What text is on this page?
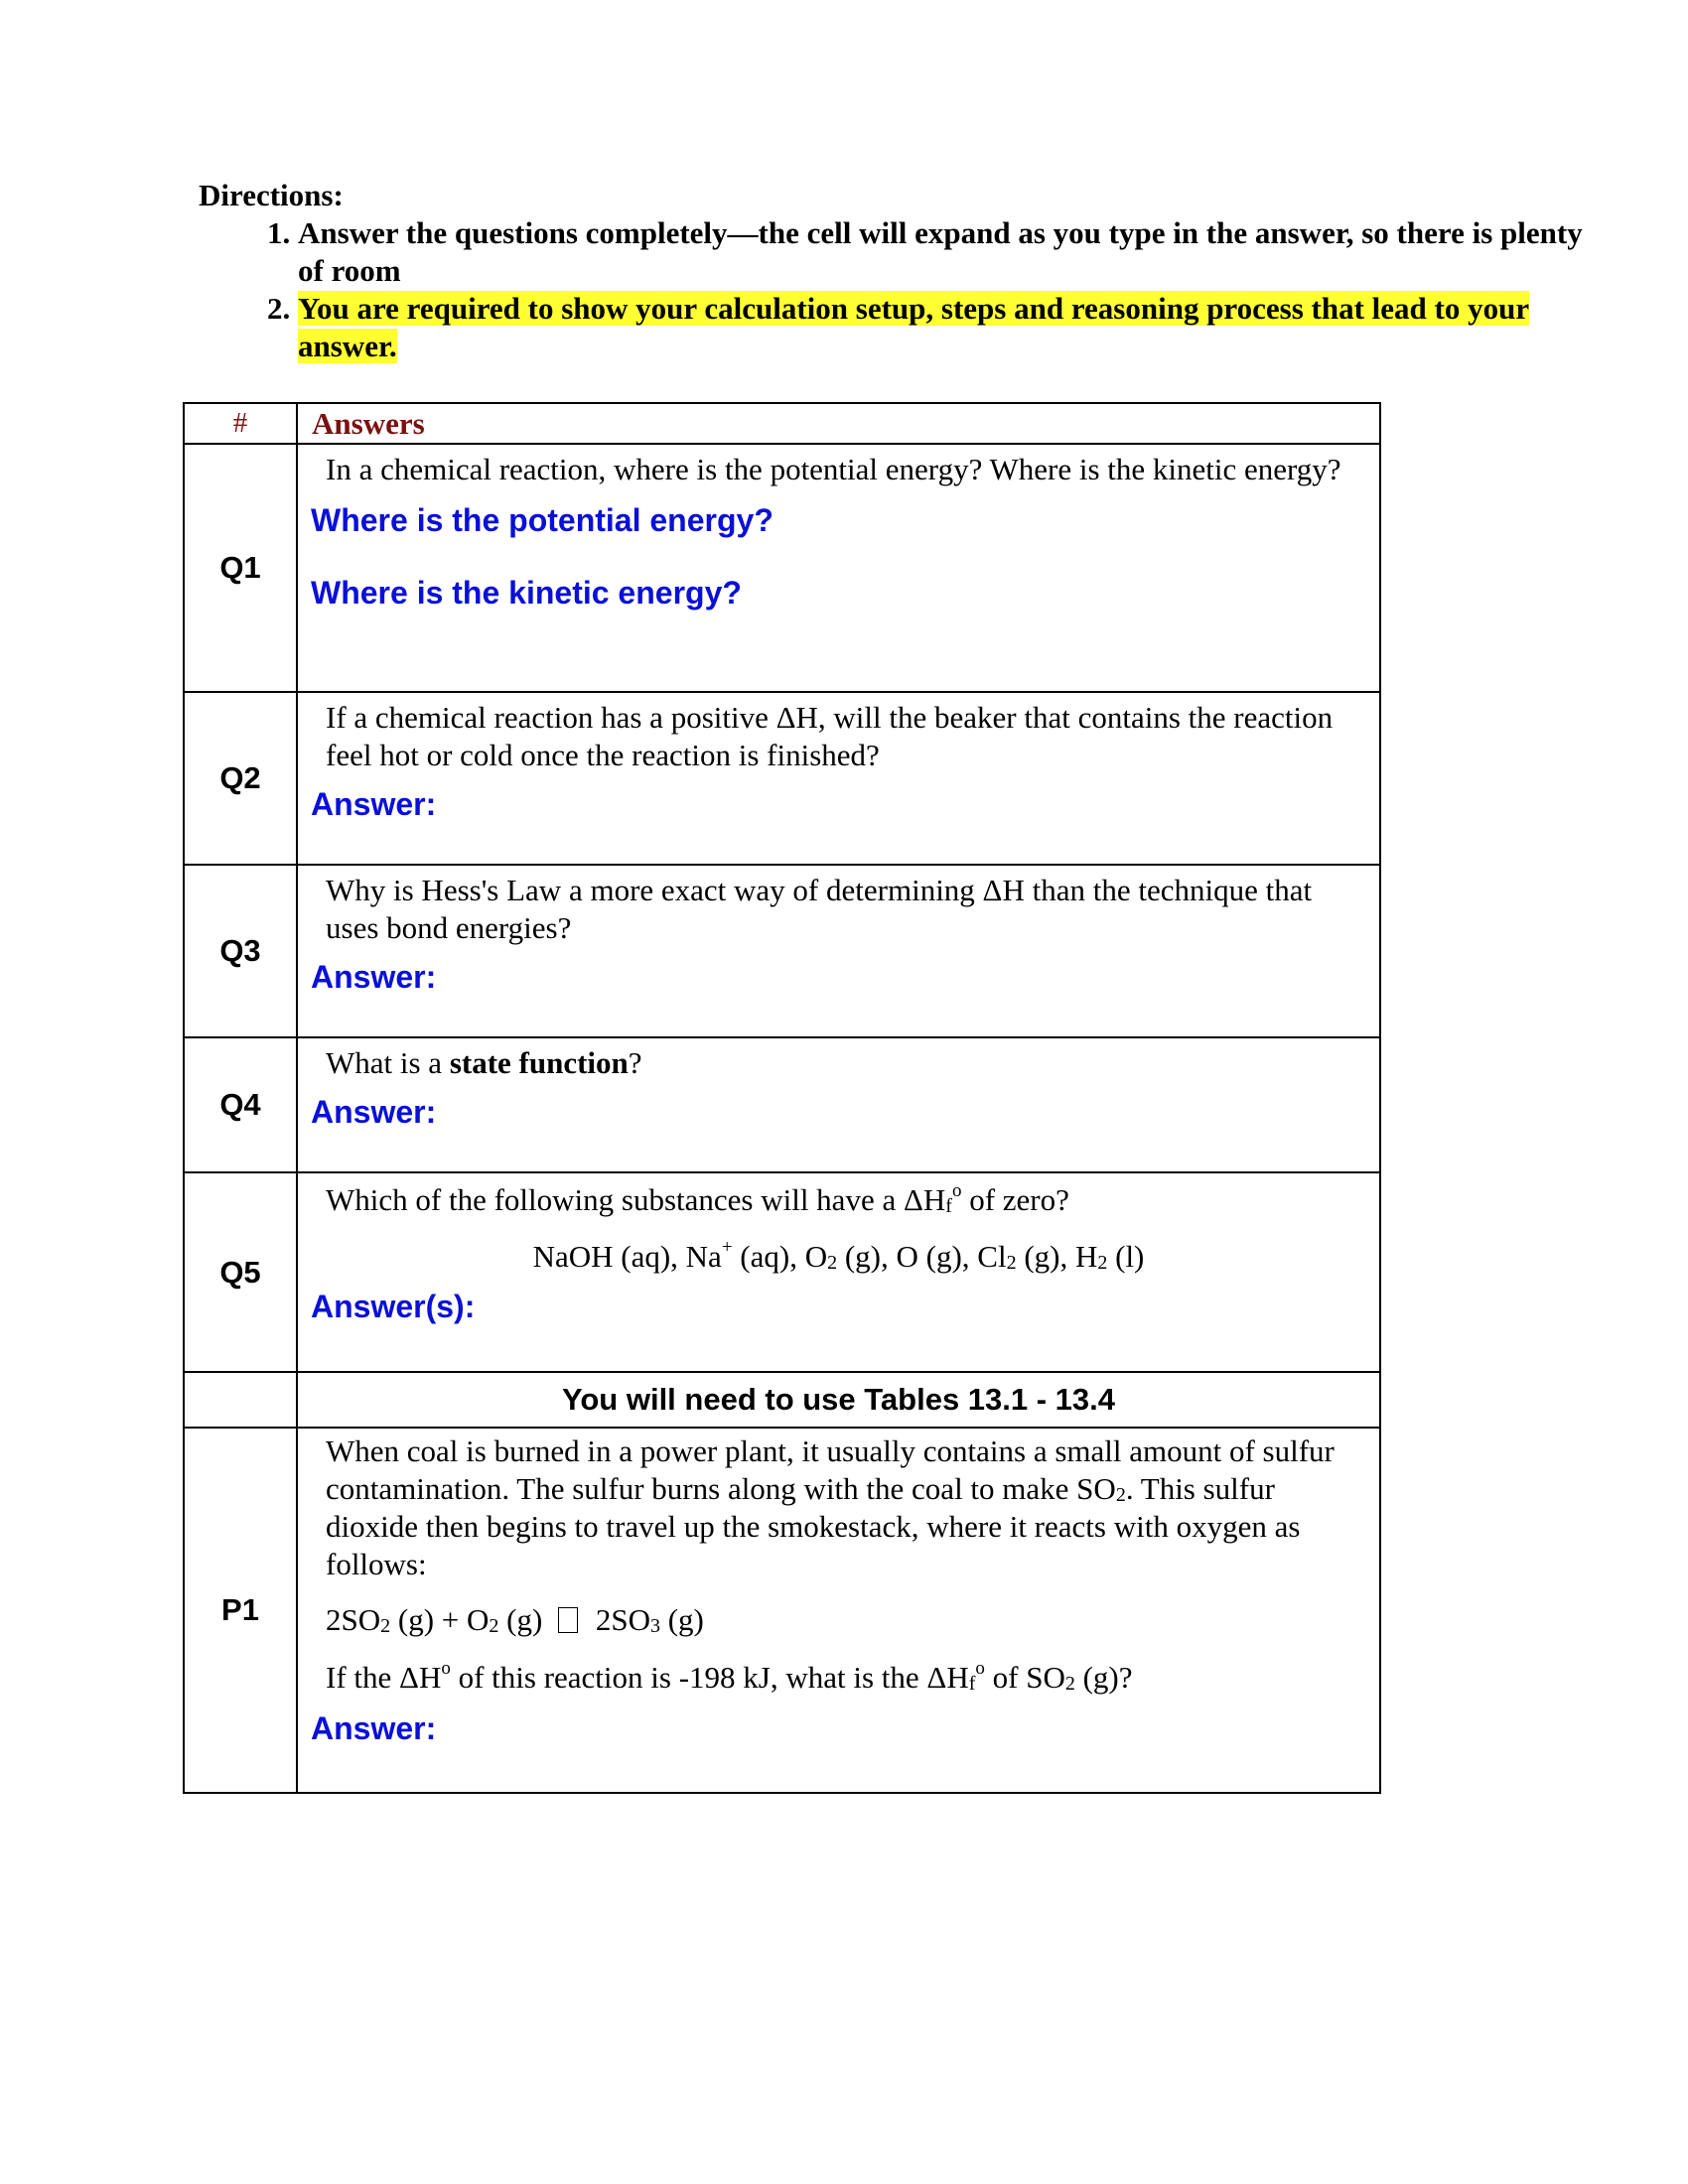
Directions:
1. Answer the questions completely—the cell will expand as you type in the answer, so there is plenty of room
2. You are required to show your calculation setup, steps and reasoning process that lead to your answer.
#	Answers
Q1	In a chemical reaction, where is the potential energy? Where is the kinetic energy?
Where is the potential energy?
Where is the kinetic energy?

Q2	If a chemical reaction has a positive ΔH, will the beaker that contains the reaction feel hot or cold once the reaction is finished?
Answer:

Q3	Why is Hess's Law a more exact way of determining ΔH than the technique that uses bond energies?
Answer:

Q4	What is a state function?
Answer:

Q5	Which of the following substances will have a $\Delta H_f^o$ of zero?
NaOH (aq), Na+ (aq), $O_2$ (g), O (g), $Cl_2$ (g), $H_2$ (l)
Answer(s):

	You will need to use Tables 13.1 - 13.4
P1	When coal is burned in a power plant, it usually contains a small amount of sulfur contamination. The sulfur burns along with the coal to make $SO_2$. This sulfur dioxide then begins to travel up the smokestack, where it reacts with oxygen as follows:
$2SO_2$ $(g) + O_2$ (g)  $2SO_3$ (g)
If the $\Delta H^o$ of this reaction is -198 kJ, what is the $\Delta H_f^o$ of $SO_2$ (g)?
Answer:
